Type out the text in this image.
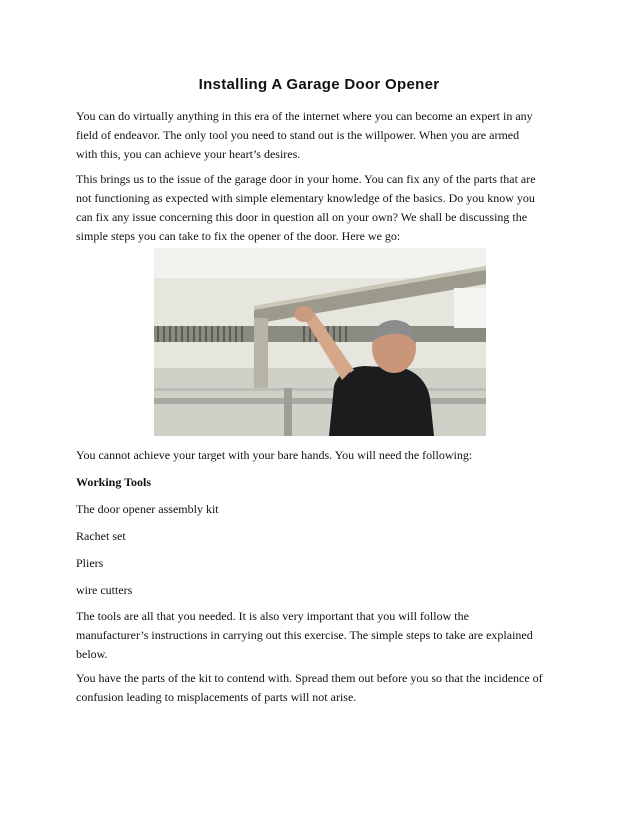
Installing A Garage Door Opener
You can do virtually anything in this era of the internet where you can become an expert in any
field of endeavor. The only tool you need to stand out is the willpower. When you are armed
with this, you can achieve your heart’s desires.
This brings us to the issue of the garage door in your home. You can fix any of the parts that are
not functioning as expected with simple elementary knowledge of the basics. Do you know you
can fix any issue concerning this door in question all on your own? We shall be discussing the
simple steps you can take to fix the opener of the door. Here we go:
You cannot achieve your target with your bare hands. You will need the following:
Working Tools
The door opener assembly kit
Rachet set
Pliers
wire cutters
The tools are all that you needed. It is also very important that you will follow the
manufacturer’s instructions in carrying out this exercise. The simple steps to take are explained
below.
You have the parts of the kit to contend with. Spread them out before you so that the incidence of
confusion leading to misplacements of parts will not arise.
